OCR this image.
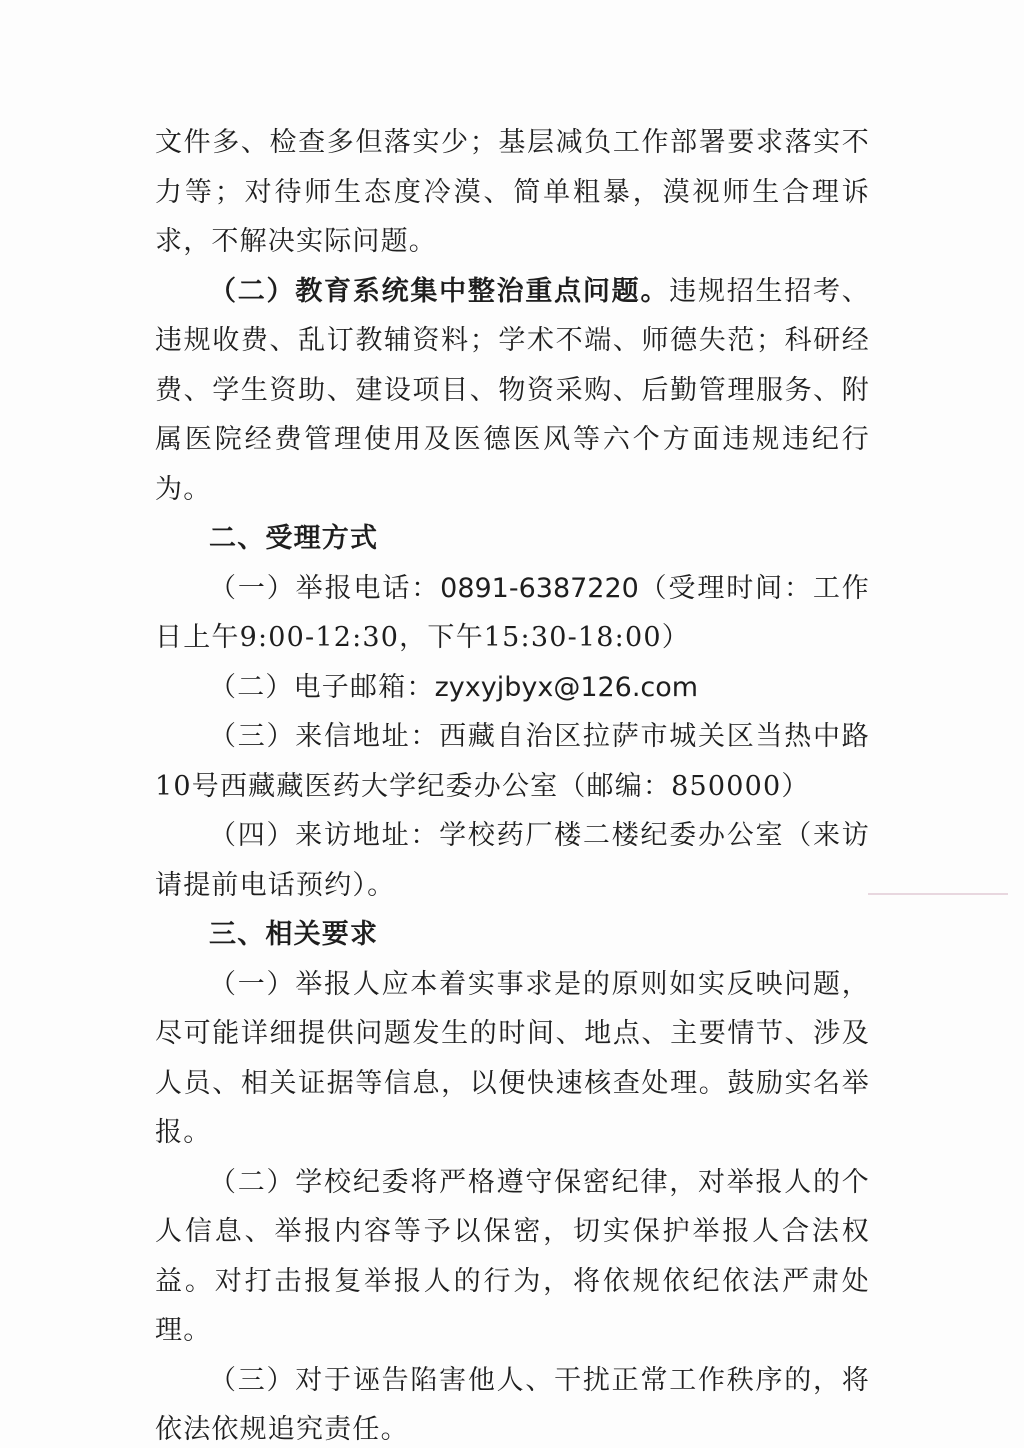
文件多、检查多但落实少；基层减负工作部署要求落实不力等；对待师生态度冷漠、简单粗暴，漠视师生合理诉求，不解决实际问题。

（二）教育系统集中整治重点问题。违规招生招考、违规收费、乱订教辅资料；学术不端、师德失范；科研经费、学生资助、建设项目、物资采购、后勤管理服务、附属医院经费管理使用及医德医风等六个方面违规违纪行为。

二、受理方式

（一）举报电话：0891-6387220（受理时间：工作日上午9:00-12:30，下午15:30-18:00）

（二）电子邮箱：zyxyjbyx@126.com

（三）来信地址：西藏自治区拉萨市城关区当热中路10号西藏藏医药大学纪委办公室（邮编：850000）

（四）来访地址：学校药厂楼二楼纪委办公室（来访请提前电话预约）。

三、相关要求

（一）举报人应本着实事求是的原则如实反映问题，尽可能详细提供问题发生的时间、地点、主要情节、涉及人员、相关证据等信息，以便快速核查处理。鼓励实名举报。

（二）学校纪委将严格遵守保密纪律，对举报人的个人信息、举报内容等予以保密，切实保护举报人合法权益。对打击报复举报人的行为，将依规依纪依法严肃处理。

（三）对于诬告陷害他人、干扰正常工作秩序的，将依法依规追究责任。
